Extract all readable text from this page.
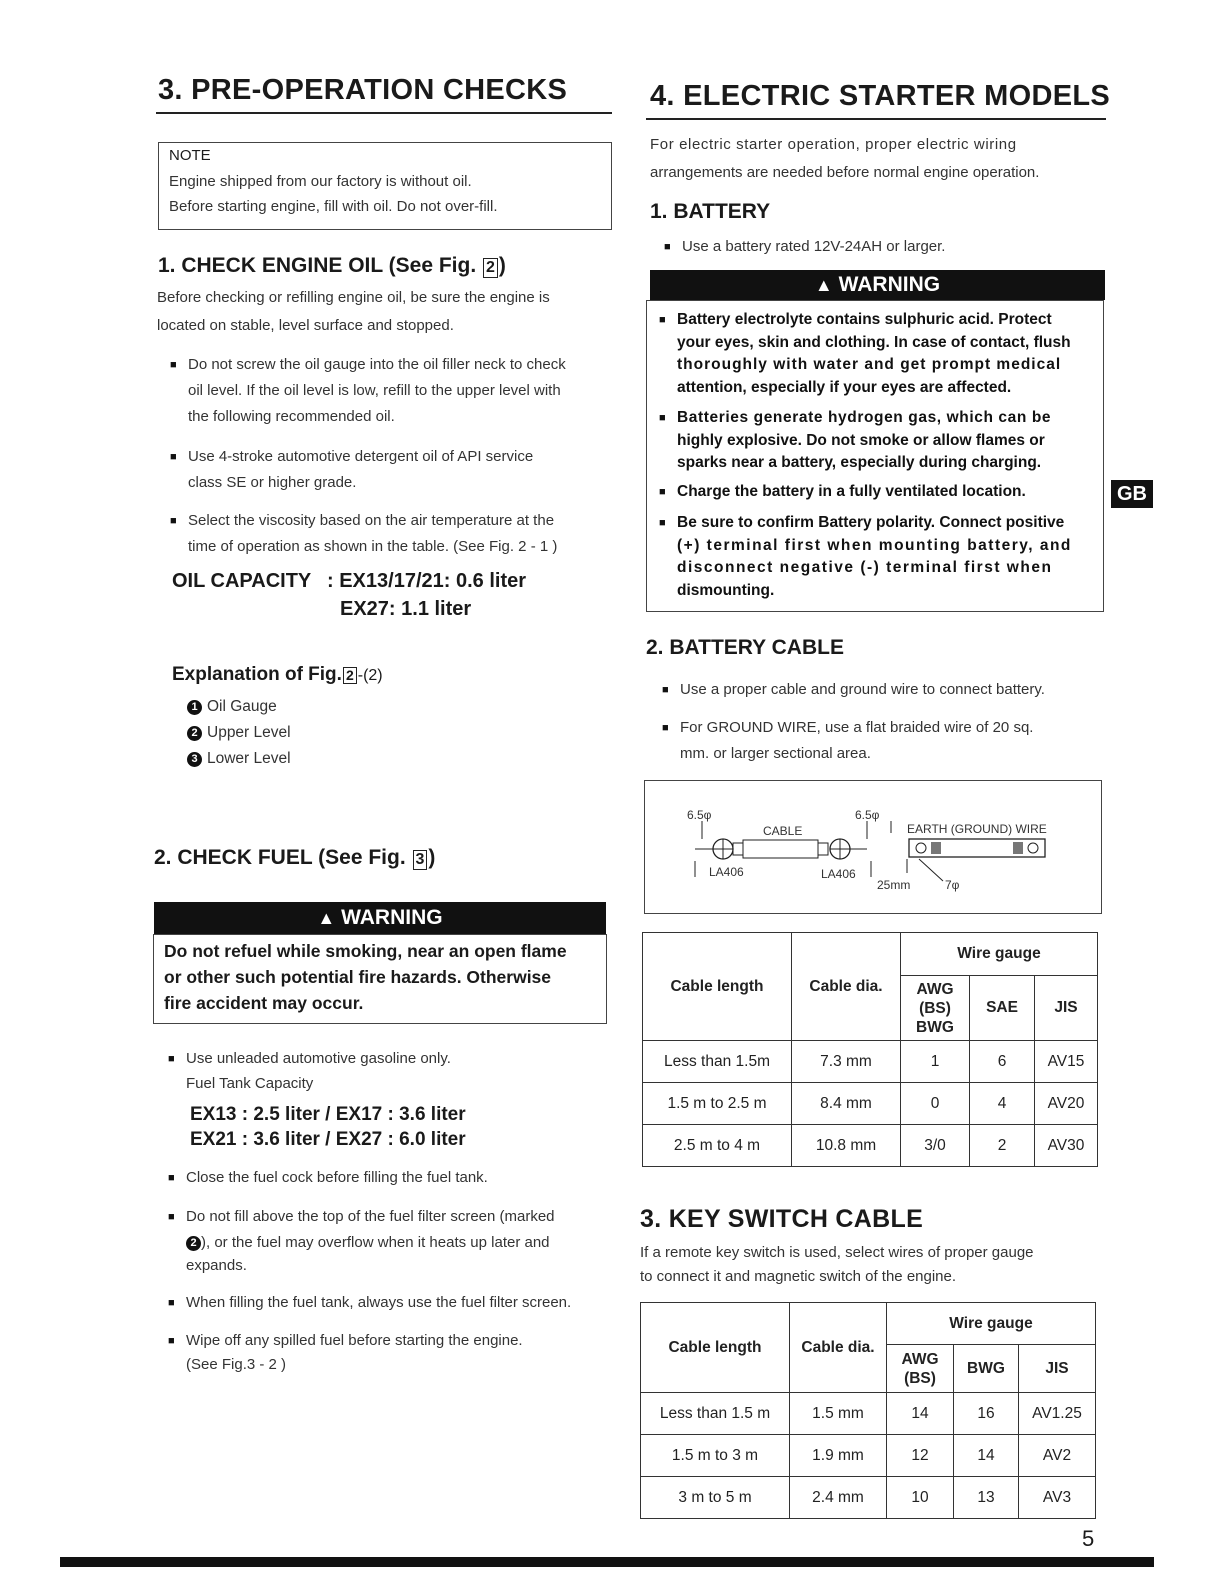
3. PRE-OPERATION CHECKS
NOTE
Engine shipped from our factory is without oil.
Before starting engine, fill with oil. Do not over-fill.
1. CHECK ENGINE OIL (See Fig. 2 )
Before checking or refilling engine oil, be sure the engine is
located on stable, level surface and stopped.
■ Do not screw the oil gauge into the oil filler neck to check
oil level. If the oil level is low, refill to the upper level with
the following recommended oil.
■ Use 4-stroke automotive detergent oil of API service
class SE or higher grade.
■ Select the viscosity based on the air temperature at the
time of operation as shown in the table. (See Fig. 2 - 1 )
OIL CAPACITY : EX13/17/21: 0.6 liter
EX27: 1.1 liter
Explanation of Fig. 2 -(2)
1 Oil Gauge
2 Upper Level
3 Lower Level
2. CHECK FUEL (See Fig. 3 )
▲ WARNING
Do not refuel while smoking, near an open flame
or other such potential fire hazards. Otherwise
fire accident may occur.
■ Use unleaded automotive gasoline only.
Fuel Tank Capacity
EX13 : 2.5 liter / EX17 : 3.6 liter
EX21 : 3.6 liter / EX27 : 6.0 liter
■ Close the fuel cock before filling the fuel tank.
■ Do not fill above the top of the fuel filter screen (marked
2 ), or the fuel may overflow when it heats up later and
expands.
■ When filling the fuel tank, always use the fuel filter screen.
■ Wipe off any spilled fuel before starting the engine.
(See Fig.3 - 2 )
4. ELECTRIC STARTER MODELS
For electric starter operation, proper electric wiring
arrangements are needed before normal engine operation.
1. BATTERY
■ Use a battery rated 12V-24AH or larger.
▲ WARNING
■ Battery electrolyte contains sulphuric acid. Protect
your eyes, skin and clothing. In case of contact, flush
thoroughly with water and get prompt medical
attention, especially if your eyes are affected.
■ Batteries generate hydrogen gas, which can be
highly explosive. Do not smoke or allow flames or
sparks near a battery, especially during charging.
■ Charge the battery in a fully ventilated location.
■ Be sure to confirm Battery polarity. Connect positive
(+) terminal first when mounting battery, and
disconnect negative (-) terminal first when
dismounting.
GB
2. BATTERY CABLE
■ Use a proper cable and ground wire to connect battery.
■ For GROUND WIRE, use a flat braided wire of 20 sq.
mm. or larger sectional area.
6.5φ
CABLE
6.5φ
EARTH (GROUND) WIRE
LA406	LA406
25mm	7φ
Cable length	Cable dia.	Wire gauge		
		AWG (BS) BWG	SAE	JIS
Less than 1.5m	7.3 mm	1	6	AV15
1.5 m to 2.5 m	8.4 mm	0	4	AV20
2.5 m to 4 m	10.8 mm	3/0	2	AV30
3. KEY SWITCH CABLE
If a remote key switch is used, select wires of proper gauge
to connect it and magnetic switch of the engine.
Cable length	Cable dia.	Wire gauge		
		AWG (BS)	BWG	JIS
Less than 1.5 m	1.5 mm	14	16	AV1.25
1.5 m to 3 m	1.9 mm	12	14	AV2
3 m to 5 m	2.4 mm	10	13	AV3
5
